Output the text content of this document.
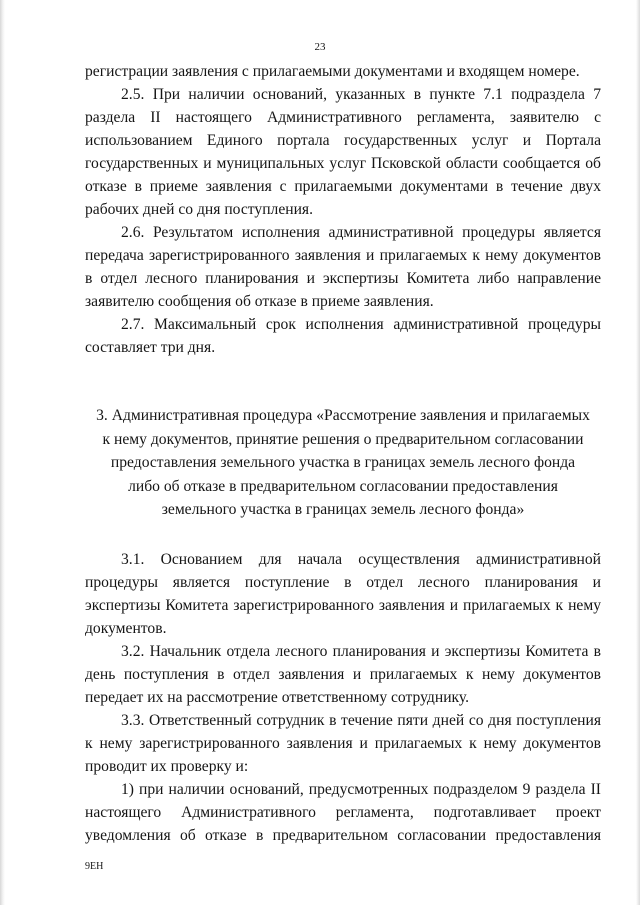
23

регистрации заявления с прилагаемыми документами и входящем номере.

2.5. При наличии оснований, указанных в пункте 7.1 подраздела 7 раздела II настоящего Административного регламента, заявителю с использованием Единого портала государственных услуг и Портала государственных и муниципальных услуг Псковской области сообщается об отказе в приеме заявления с прилагаемыми документами в течение двух рабочих дней со дня поступления.

2.6. Результатом исполнения административной процедуры является передача зарегистрированного заявления и прилагаемых к нему документов в отдел лесного планирования и экспертизы Комитета либо направление заявителю сообщения об отказе в приеме заявления.

2.7. Максимальный срок исполнения административной процедуры составляет три дня.

3. Административная процедура «Рассмотрение заявления и прилагаемых
к нему документов, принятие решения о предварительном согласовании
предоставления земельного участка в границах земель лесного фонда
либо об отказе в предварительном согласовании предоставления
земельного участка в границах земель лесного фонда»

3.1. Основанием для начала осуществления административной процедуры является поступление в отдел лесного планирования и экспертизы Комитета зарегистрированного заявления и прилагаемых к нему документов.

3.2. Начальник отдела лесного планирования и экспертизы Комитета в день поступления в отдел заявления и прилагаемых к нему документов передает их на рассмотрение ответственному сотруднику.

3.3. Ответственный сотрудник в течение пяти дней со дня поступления к нему зарегистрированного заявления и прилагаемых к нему документов проводит их проверку и:

1) при наличии оснований, предусмотренных подразделом 9 раздела II настоящего Административного регламента, подготавливает проект уведомления об отказе в предварительном согласовании предоставления

9ЕН
